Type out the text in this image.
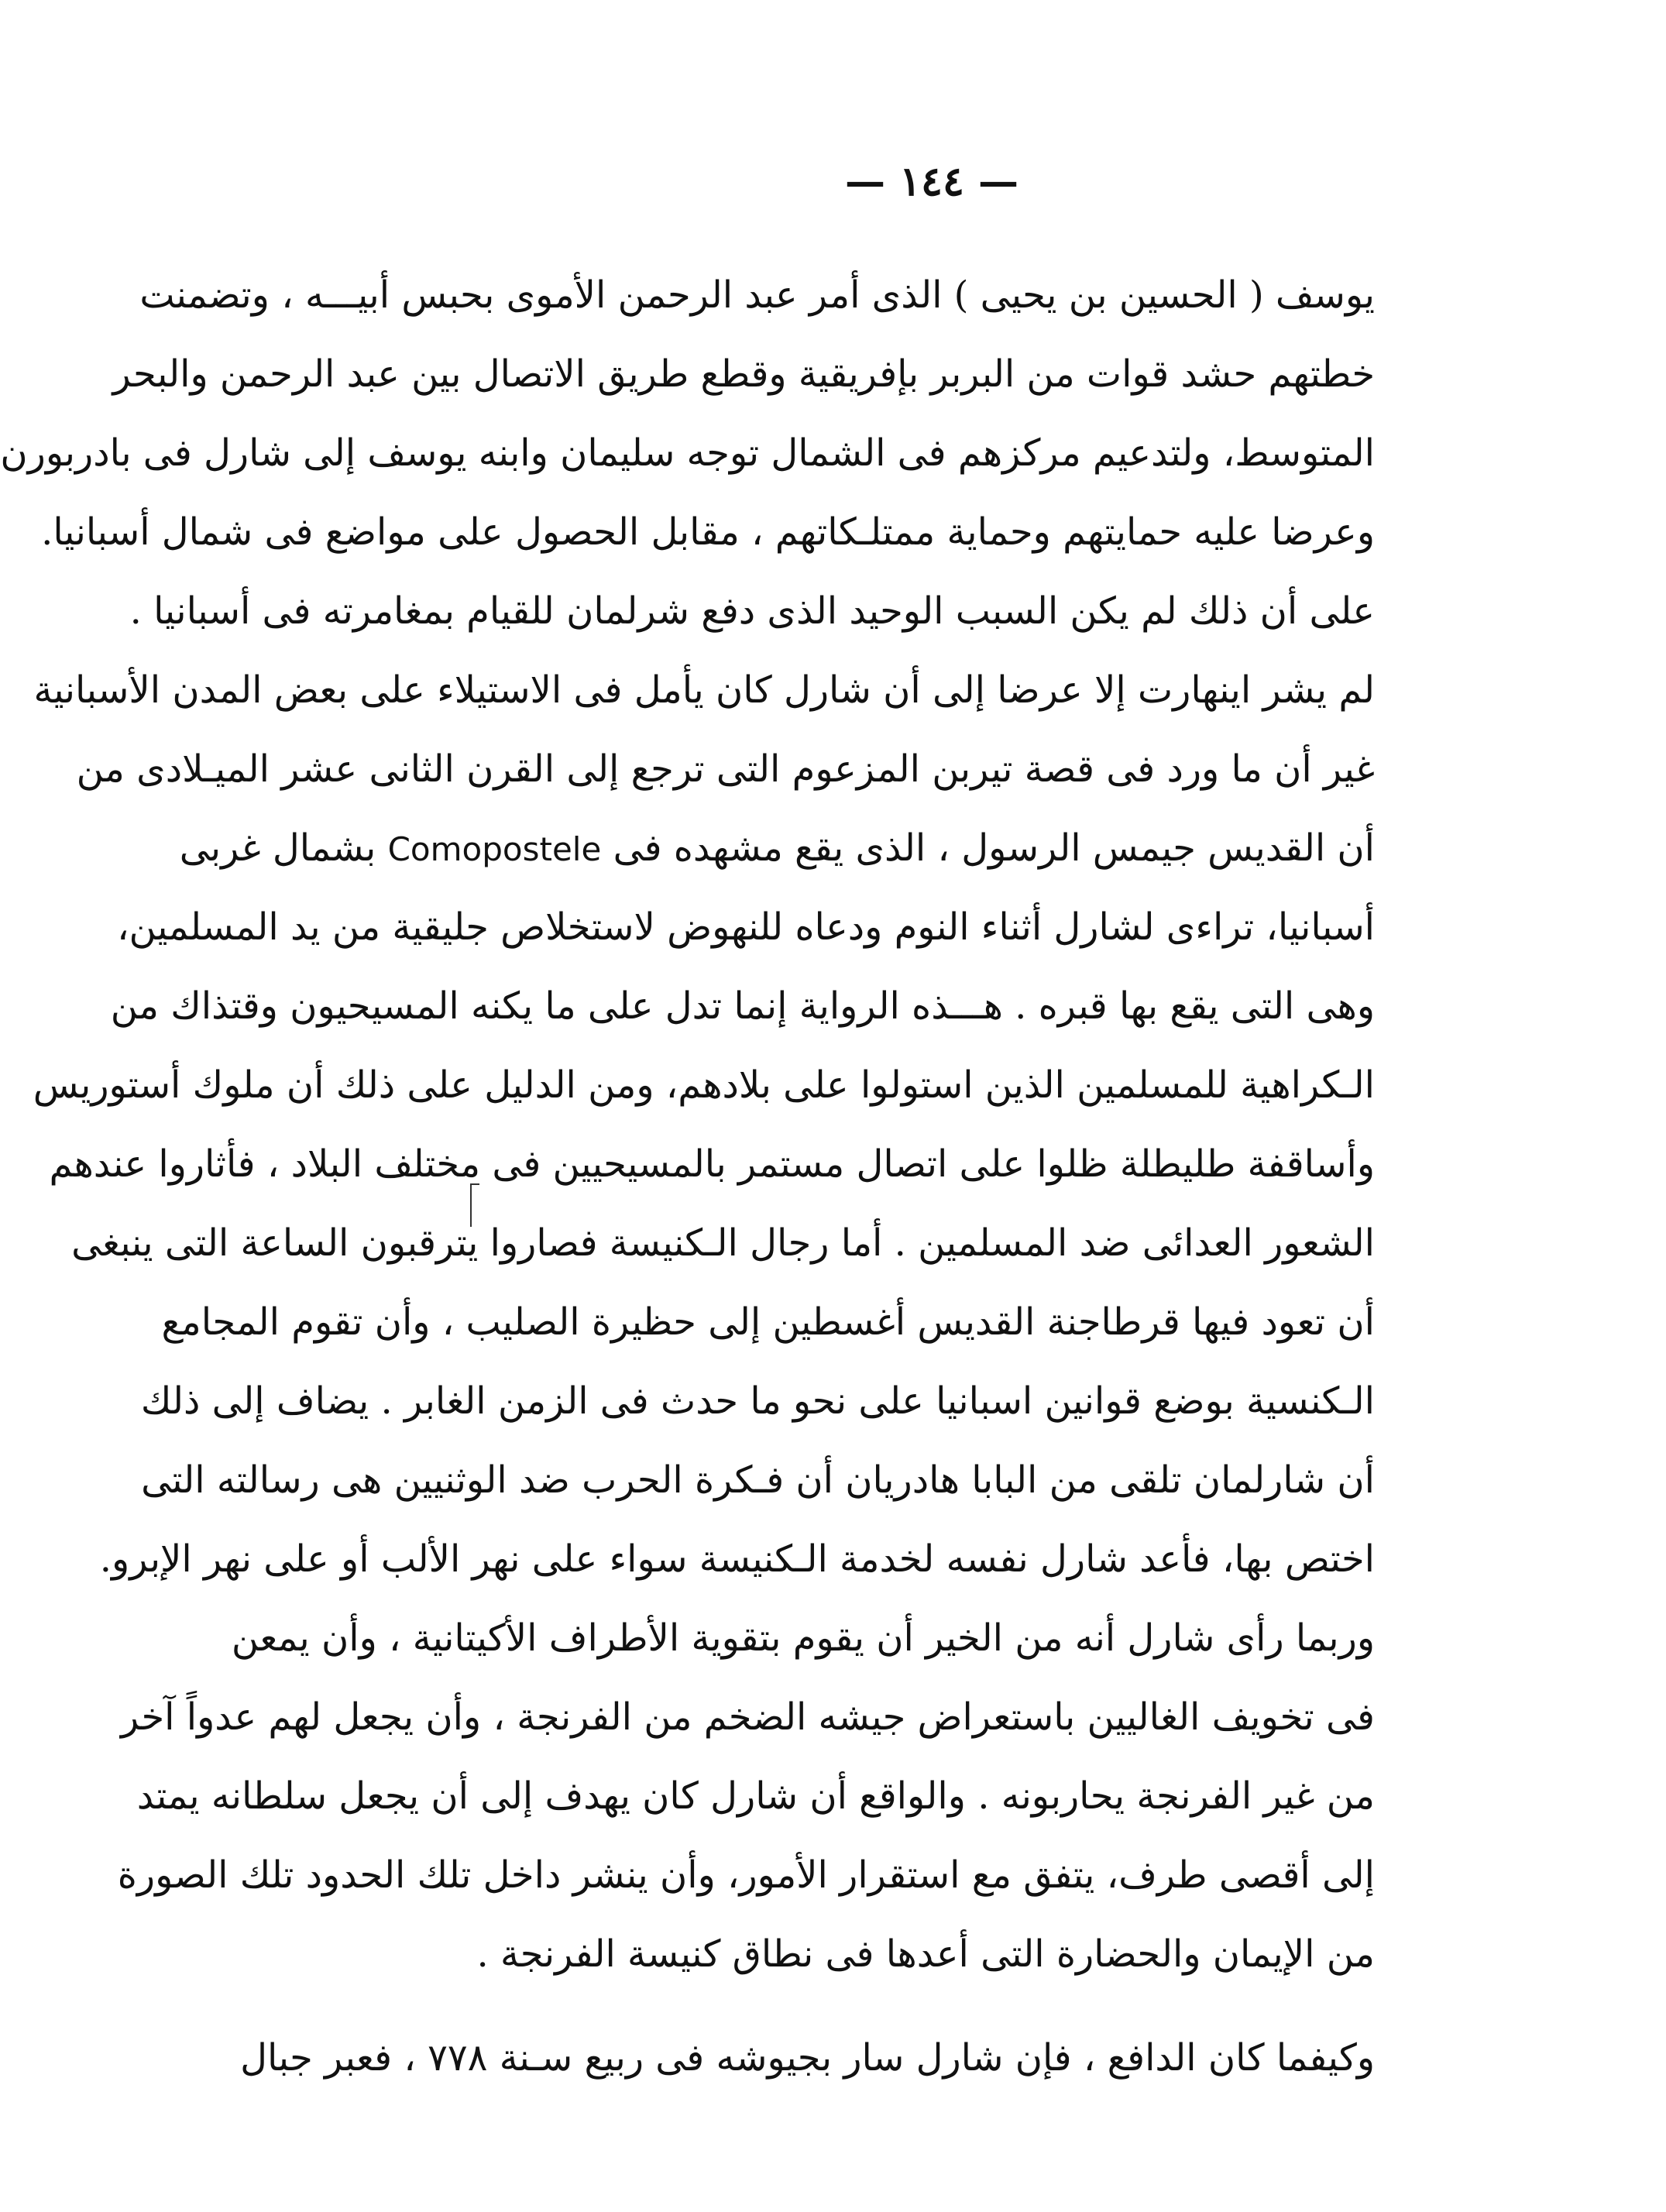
— ١٤٤ —
يوسف ( الحسين بن يحيى ) الذى أمر عبد الرحمن الأموى بحبس أبيـــه ، وتضمنت
خطتهم حشد قوات من البربر بإفريقية وقطع طريق الاتصال بين عبد الرحمن والبحر
المتوسط، ولتدعيم مركزهم فى الشمال توجه سليمان وابنه يوسف إلى شارل فى بادربورن
وعرضا عليه حمايتهم وحماية ممتلـكاتهم ، مقابل الحصول على مواضع فى شمال أسبانيا.
على أن ذلك لم يكن السبب الوحيد الذى دفع شرلمان للقيام بمغامرته فى أسبانيا .
لم يشر اينهارت إلا عرضا إلى أن شارل كان يأمل فى الاستيلاء على بعض المدن الأسبانية
غير أن ما ورد فى قصة تيربن المزعوم التى ترجع إلى القرن الثانى عشر الميـلادى من
أن القديس جيمس الرسول ، الذى يقع مشهده فى Comopostele بشمال غربى
أسبانيا، تراءى لشارل أثناء النوم ودعاه للنهوض لاستخلاص جليقية من يد المسلمين،
وهى التى يقع بها قبره . هـــذه الرواية إنما تدل على ما يكنه المسيحيون وقتذاك من
الـكراهية للمسلمين الذين استولوا على بلادهم، ومن الدليل على ذلك أن ملوك أستوريس
وأساقفة طليطلة ظلوا على اتصال مستمر بالمسيحيين فى مختلف البلاد ، فأثاروا عندهم
الشعور العدائى ضد المسلمين . أما رجال الـكنيسة فصاروا يترقبون الساعة التى ينبغى
أن تعود فيها قرطاجنة القديس أغسطين إلى حظيرة الصليب ، وأن تقوم المجامع
الـكنسية بوضع قوانين اسبانيا على نحو ما حدث فى الزمن الغابر . يضاف إلى ذلك
أن شارلمان تلقى من البابا هادريان أن فـكرة الحرب ضد الوثنيين هى رسالته التى
اختص بها، فأعد شارل نفسه لخدمة الـكنيسة سواء على نهر الألب أو على نهر الإبرو.
وربما رأى شارل أنه من الخير أن يقوم بتقوية الأطراف الأكيتانية ، وأن يمعن
فى تخويف الغاليين باستعراض جيشه الضخم من الفرنجة ، وأن يجعل لهم عدواً آخر
من غير الفرنجة يحاربونه . والواقع أن شارل كان يهدف إلى أن يجعل سلطانه يمتد
إلى أقصى طرف، يتفق مع استقرار الأمور، وأن ينشر داخل تلك الحدود تلك الصورة
من الإيمان والحضارة التى أعدها فى نطاق كنيسة الفرنجة .
وكيفما كان الدافع ، فإن شارل سار بجيوشه فى ربيع سـنة ٧٧٨ ، فعبر جبال
